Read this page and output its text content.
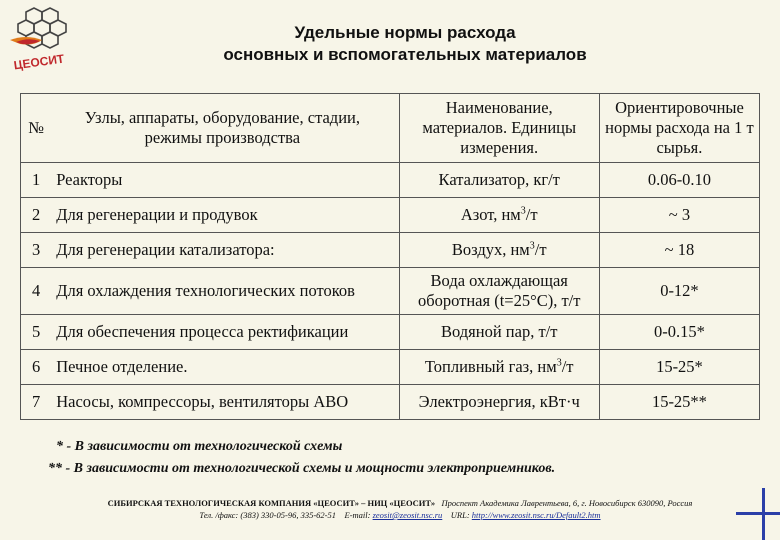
ЦЕОСИТ
Удельные нормы расхода
основных и вспомогательных материалов
№	Узлы, аппараты, оборудование, стадии, режимы производства	Наименование, материалов. Единицы измерения.	Ориентировочные нормы расхода на 1 т сырья.
1	Реакторы	Катализатор, кг/т	0.06-0.10
2	Для регенерации и продувок	Азот, $нм^3/т$	~ 3
3	Для регенерации катализатора:	Воздух, $нм^3/т$	~ 18
4	Для охлаждения технологических потоков	Вода охлаждающая оборотная (t=25°C), т/т	0-12*
5	Для обеспечения процесса ректификации	Водяной пар, т/т	0-0.15*
6	Печное отделение.	Топливный газ, $нм^3/т$	15-25*
7	Насосы, компрессоры, вентиляторы АВО	Электроэнергия, кВт·ч	15-25**
* - В зависимости от технологической схемы
** - В зависимости от технологической схемы и мощности электроприемников.
СИБИРСКАЯ ТЕХНОЛОГИЧЕСКАЯ КОМПАНИЯ «ЦЕОСИТ» – НИЦ «ЦЕОСИТ» Проспект Академика Лаврентьева, 6, г. Новосибирск 630090, Россия
Тел. /факс: (383) 330-05-96, 335-62-51 E-mail: zeosit@zeosit.nsc.ru URL: http://www.zeosit.nsc.ru/Default2.htm
